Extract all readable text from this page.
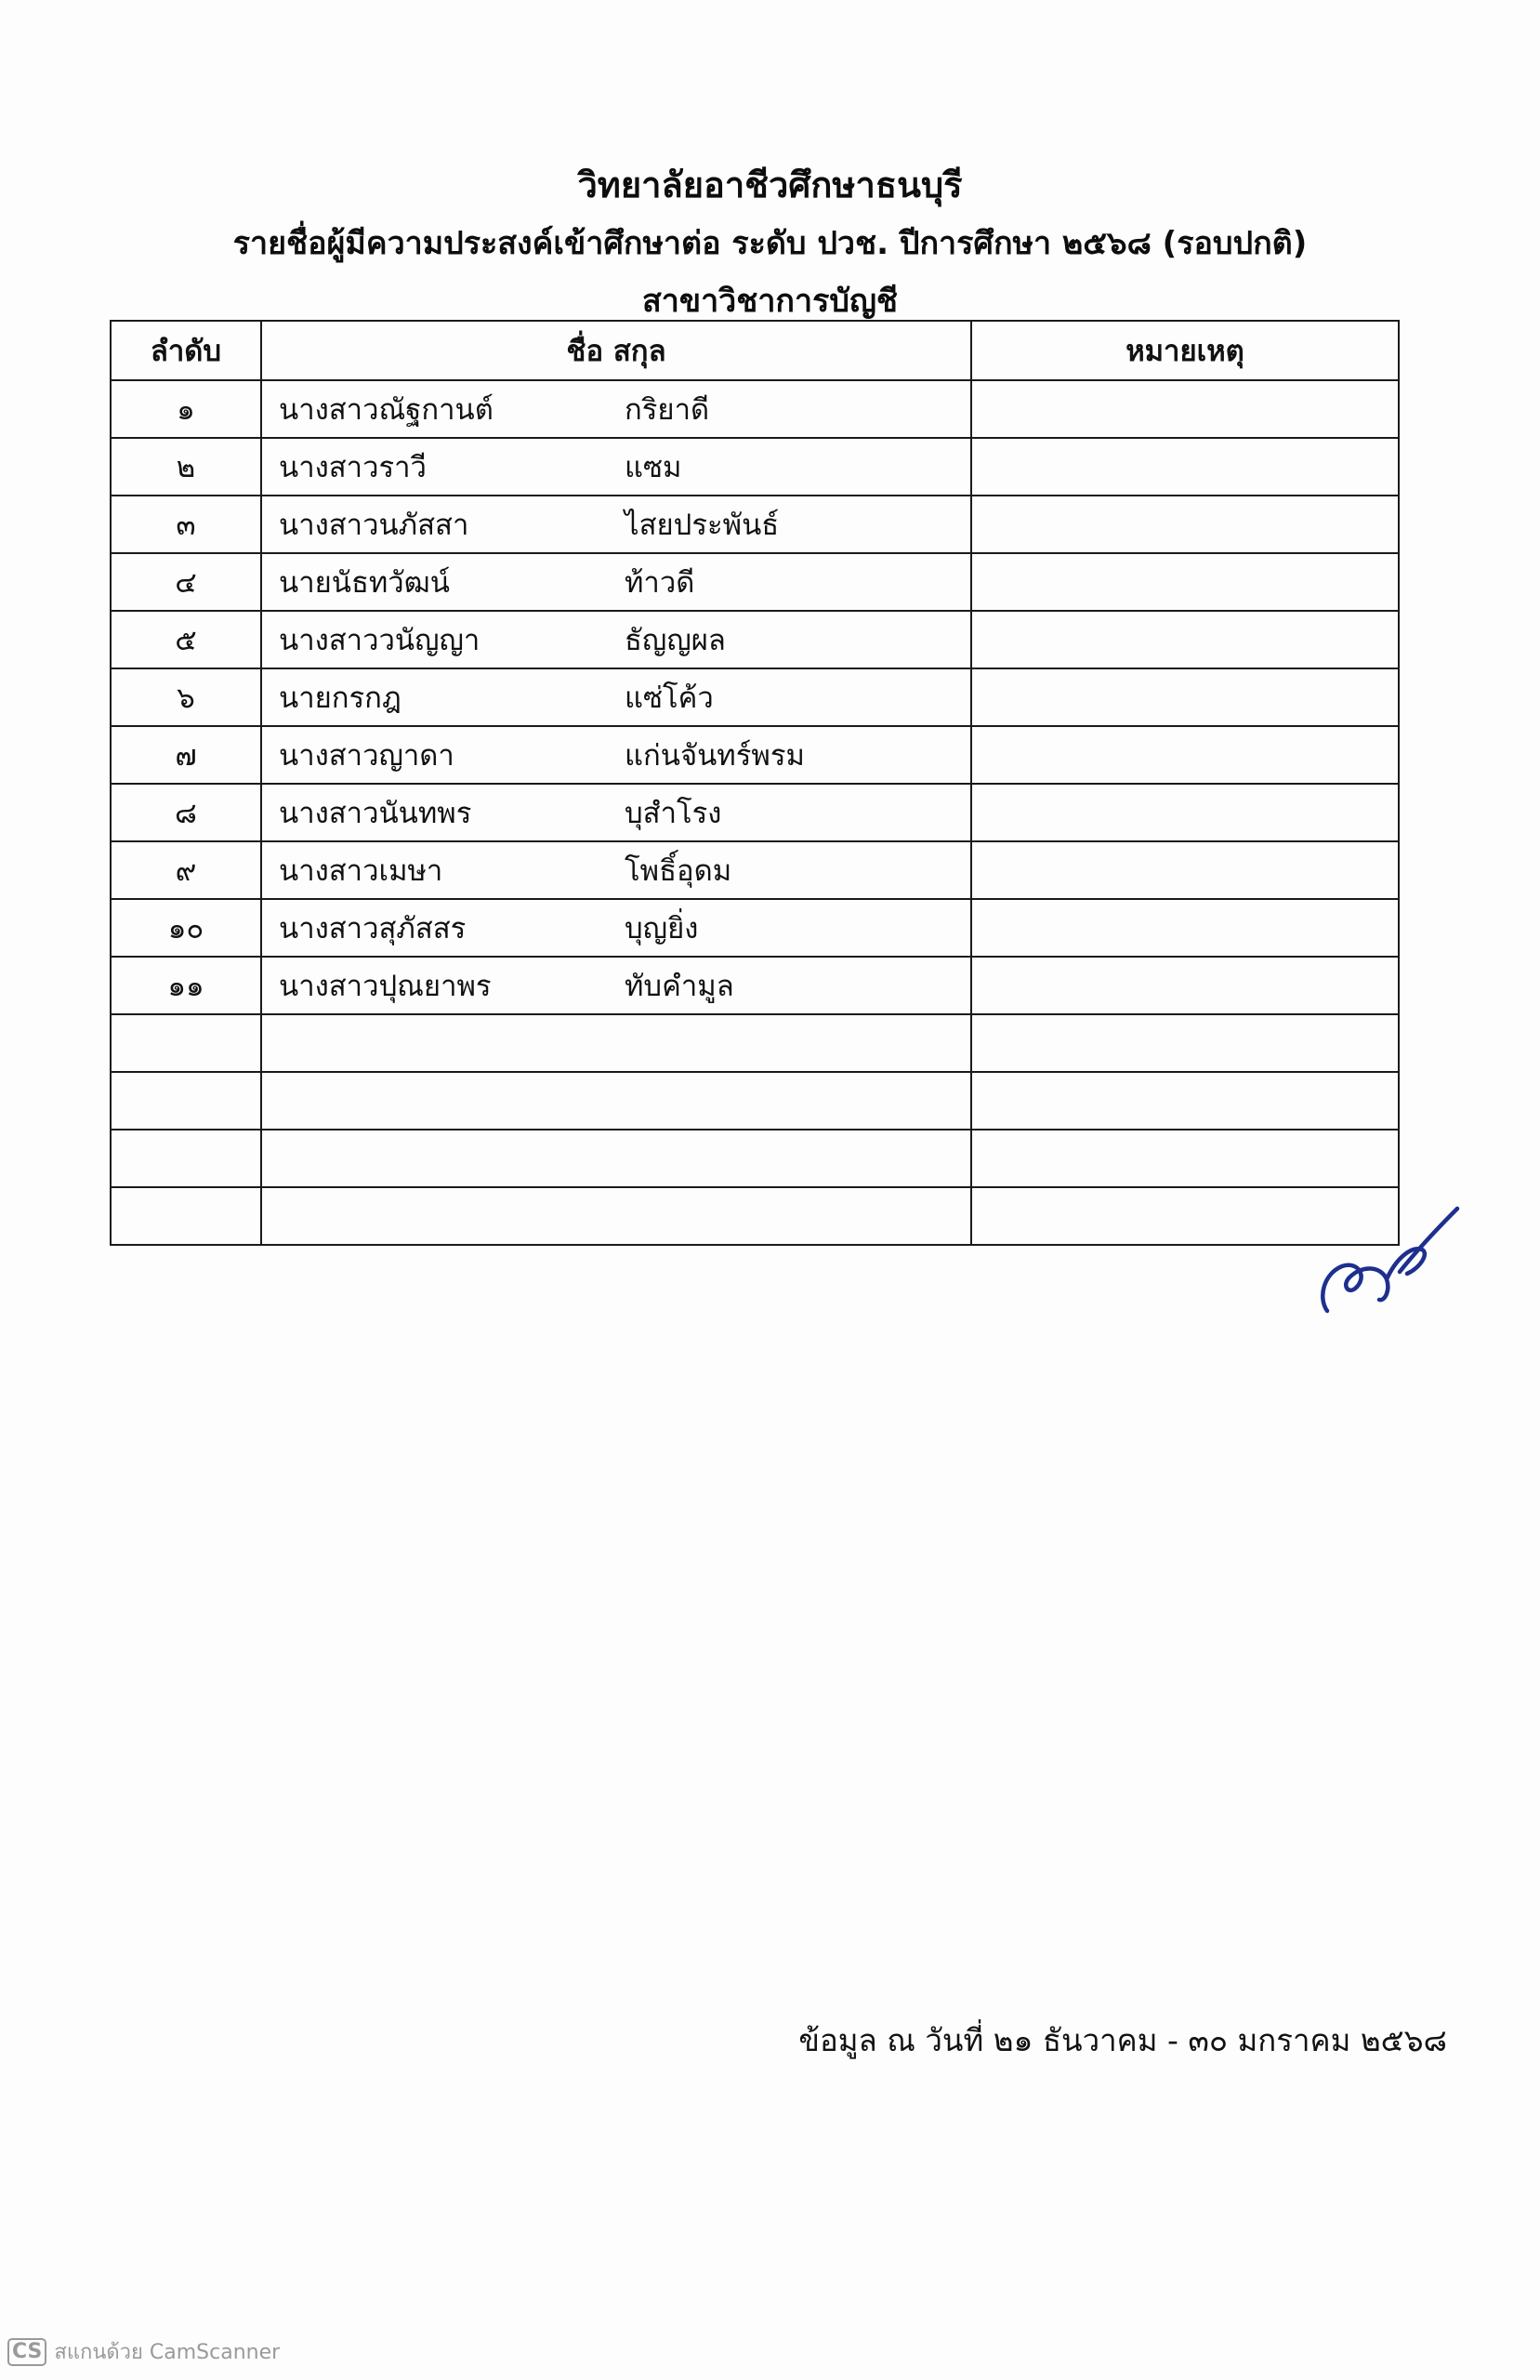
วิทยาลัยอาชีวศึกษาธนบุรี
รายชื่อผู้มีความประสงค์เข้าศึกษาต่อ ระดับ ปวช. ปีการศึกษา ๒๕๖๘ (รอบปกติ)
สาขาวิชาการบัญชี
ลำดับ	ชื่อ สกุล	หมายเหตุ
๑	นางสาวณัฐกานต์ กริยาดี	

๒	นางสาวราวี แซม	

๓	นางสาวนภัสสา ไสยประพันธ์	

๔	นายนัธทวัฒน์ ท้าวดี	

๕	นางสาววนัญญา ธัญญผล	

๖	นายกรกฎ แซ่โค้ว	

๗	นางสาวญาดา แก่นจันทร์พรม	

๘	นางสาวนันทพร บุสำโรง	

๙	นางสาวเมษา โพธิ์อุดม	

๑๐	นางสาวสุภัสสร บุญยิ่ง	

๑๑	นางสาวปุณยาพร ทับคำมูล	

ข้อมูล ณ วันที่ ๒๑ ธันวาคม - ๓๐ มกราคม ๒๕๖๘
CS สแกนด้วย CamScanner
